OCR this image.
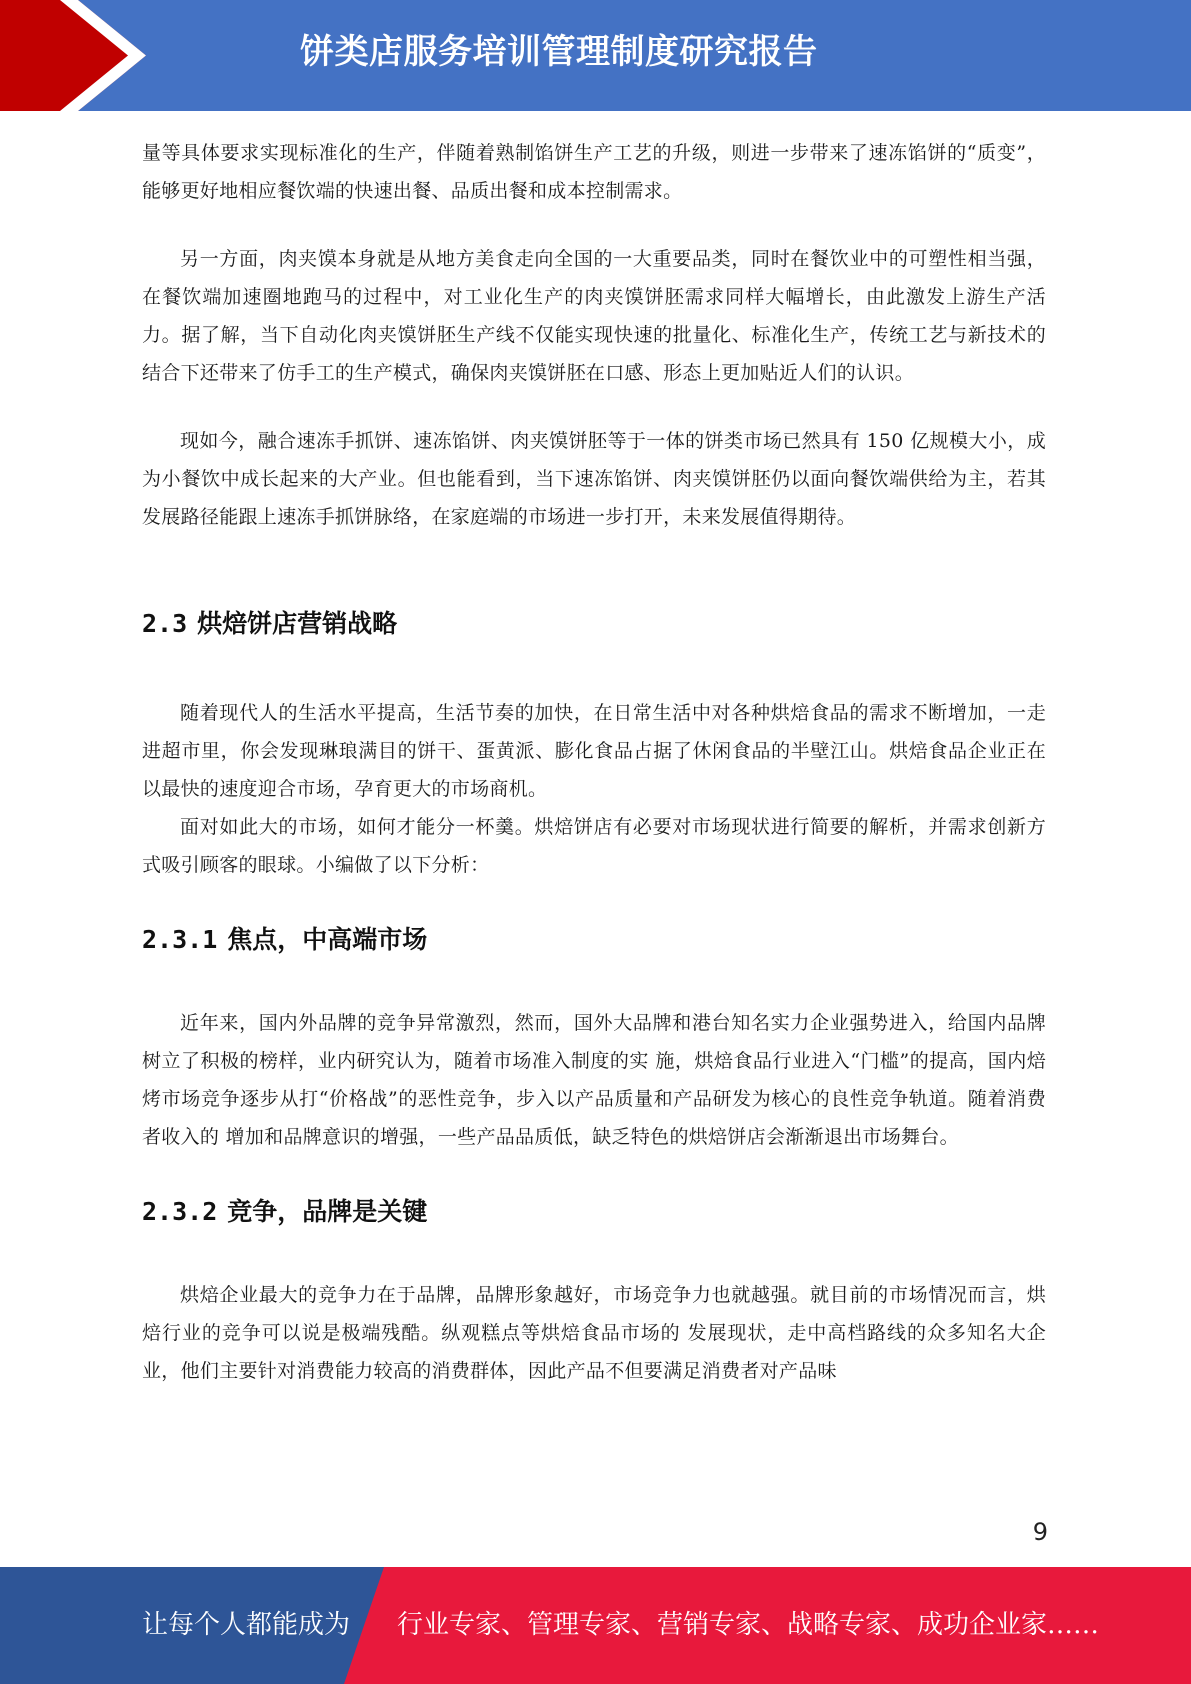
饼类店服务培训管理制度研究报告

量等具体要求实现标准化的生产，伴随着熟制馅饼生产工艺的升级，则进一步带来了速冻馅饼的“质变”，能够更好地相应餐饮端的快速出餐、品质出餐和成本控制需求。

另一方面，肉夹馍本身就是从地方美食走向全国的一大重要品类，同时在餐饮业中的可塑性相当强，在餐饮端加速圈地跑马的过程中，对工业化生产的肉夹馍饼胚需求同样大幅增长，由此激发上游生产活力。据了解，当下自动化肉夹馍饼胚生产线不仅能实现快速的批量化、标准化生产，传统工艺与新技术的结合下还带来了仿手工的生产模式，确保肉夹馍饼胚在口感、形态上更加贴近人们的认识。

现如今，融合速冻手抓饼、速冻馅饼、肉夹馍饼胚等于一体的饼类市场已然具有 150 亿规模大小，成为小餐饮中成长起来的大产业。但也能看到，当下速冻馅饼、肉夹馍饼胚仍以面向餐饮端供给为主，若其发展路径能跟上速冻手抓饼脉络，在家庭端的市场进一步打开，未来发展值得期待。

2.3 烘焙饼店营销战略

随着现代人的生活水平提高，生活节奏的加快，在日常生活中对各种烘焙食品的需求不断增加，一走进超市里，你会发现琳琅满目的饼干、蛋黄派、膨化食品占据了休闲食品的半壁江山。烘焙食品企业正在以最快的速度迎合市场，孕育更大的市场商机。

面对如此大的市场，如何才能分一杯羹。烘焙饼店有必要对市场现状进行简要的解析，并需求创新方式吸引顾客的眼球。小编做了以下分析：

2.3.1 焦点，中高端市场

近年来，国内外品牌的竞争异常激烈，然而，国外大品牌和港台知名实力企业强势进入，给国内品牌树立了积极的榜样，业内研究认为，随着市场准入制度的实 施，烘焙食品行业进入“门槛”的提高，国内焙烤市场竞争逐步从打“价格战”的恶性竞争，步入以产品质量和产品研发为核心的良性竞争轨道。随着消费者收入的 增加和品牌意识的增强，一些产品品质低，缺乏特色的烘焙饼店会渐渐退出市场舞台。

2.3.2 竞争，品牌是关键

烘焙企业最大的竞争力在于品牌，品牌形象越好，市场竞争力也就越强。就目前的市场情况而言，烘焙行业的竞争可以说是极端残酷。纵观糕点等烘焙食品市场的 发展现状，走中高档路线的众多知名大企业，他们主要针对消费能力较高的消费群体，因此产品不但要满足消费者对产品味

9
让每个人都能成为 行业专家、管理专家、营销专家、战略专家、成功企业家……
